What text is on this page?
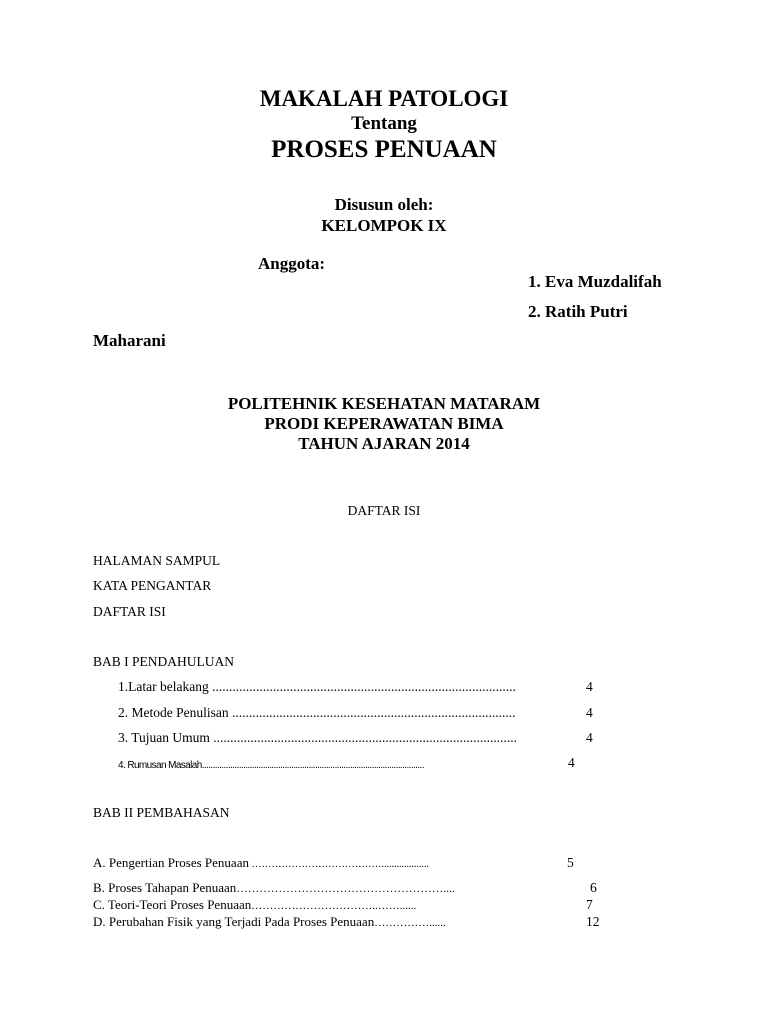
MAKALAH PATOLOGI
Tentang
PROSES PENUAAN
Disusun oleh:
KELOMPOK IX
Anggota:
1. Eva Muzdalifah
2. Ratih Putri
Maharani
POLITEHNIK KESEHATAN MATARAM
PRODI KEPERAWATAN BIMA
TAHUN AJARAN 2014
DAFTAR ISI
HALAMAN SAMPUL
KATA PENGANTAR
DAFTAR ISI
BAB I PENDAHULUAN
1.Latar belakang ..........................................................................................	4
2. Metode Penulisan ....................................................................................	4
3. Tujuan Umum ..........................................................................................	4
4. Rumusan Masalah......................................................................................................	4
BAB II PEMBAHASAN
A. Pengertian Proses Penuaan …………………………………...................	5
B. Proses Tahapan Penuaan………………………………………………....	6
C. Teori-Teori Proses Penuaan……………………………..……......	7
D. Perubahan Fisik yang Terjadi Pada Proses Penuaan……………......	12
